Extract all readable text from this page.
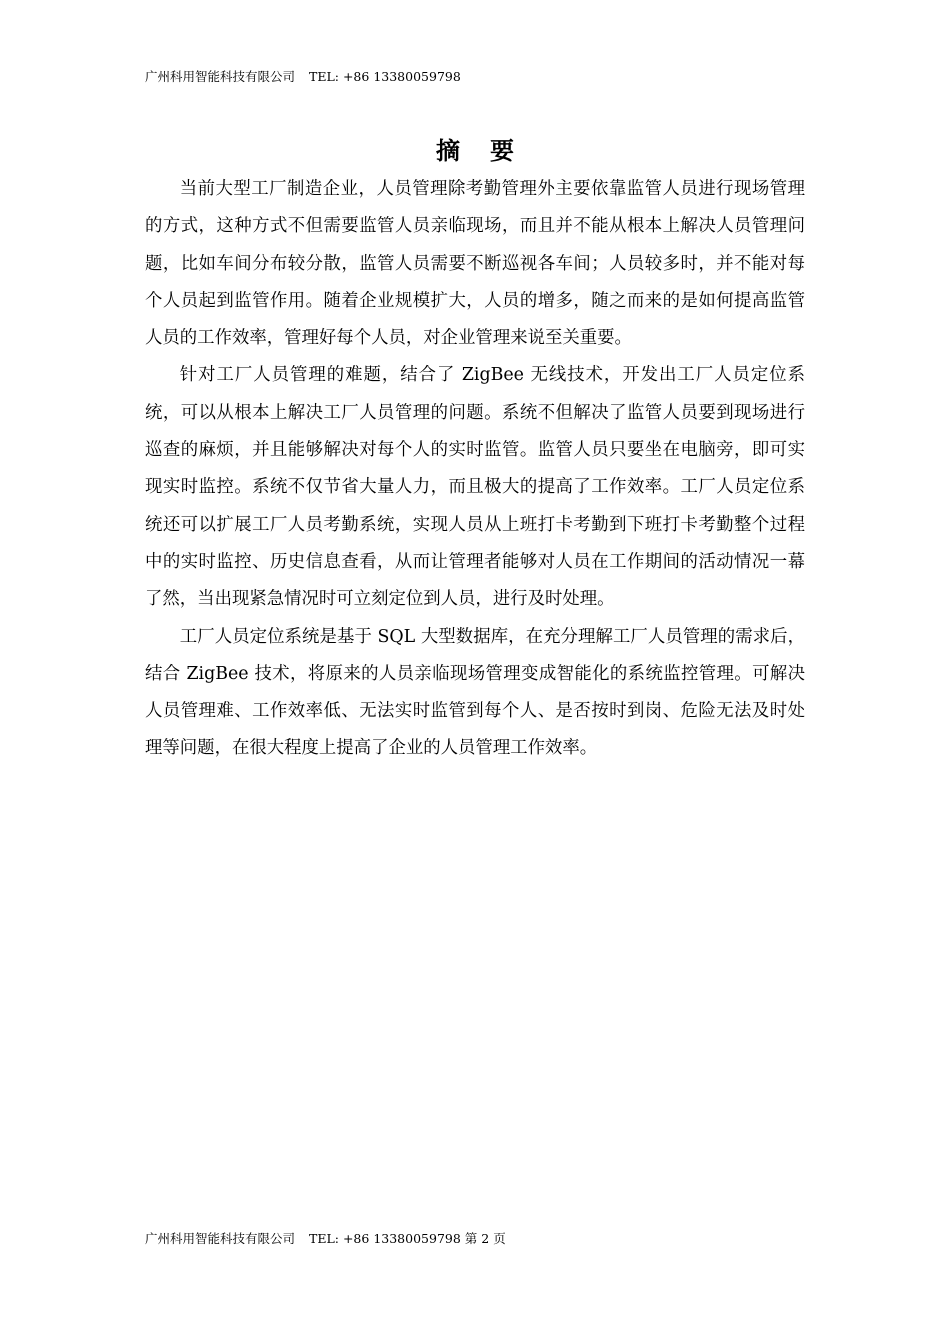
广州科用智能科技有限公司 TEL: +86 13380059798
摘要

当前大型工厂制造企业，人员管理除考勤管理外主要依靠监管人员进行现场管理的方式，这种方式不但需要监管人员亲临现场，而且并不能从根本上解决人员管理问题，比如车间分布较分散，监管人员需要不断巡视各车间；人员较多时，并不能对每个人员起到监管作用。随着企业规模扩大，人员的增多，随之而来的是如何提高监管人员的工作效率，管理好每个人员，对企业管理来说至关重要。

针对工厂人员管理的难题，结合了 ZigBee 无线技术，开发出工厂人员定位系统，可以从根本上解决工厂人员管理的问题。系统不但解决了监管人员要到现场进行巡查的麻烦，并且能够解决对每个人的实时监管。监管人员只要坐在电脑旁，即可实现实时监控。系统不仅节省大量人力，而且极大的提高了工作效率。工厂人员定位系统还可以扩展工厂人员考勤系统，实现人员从上班打卡考勤到下班打卡考勤整个过程中的实时监控、历史信息查看，从而让管理者能够对人员在工作期间的活动情况一幕了然，当出现紧急情况时可立刻定位到人员，进行及时处理。

工厂人员定位系统是基于 SQL 大型数据库，在充分理解工厂人员管理的需求后，结合 ZigBee 技术，将原来的人员亲临现场管理变成智能化的系统监控管理。可解决人员管理难、工作效率低、无法实时监管到每个人、是否按时到岗、危险无法及时处理等问题，在很大程度上提高了企业的人员管理工作效率。

广州科用智能科技有限公司 TEL: +86 13380059798 第 2 页
